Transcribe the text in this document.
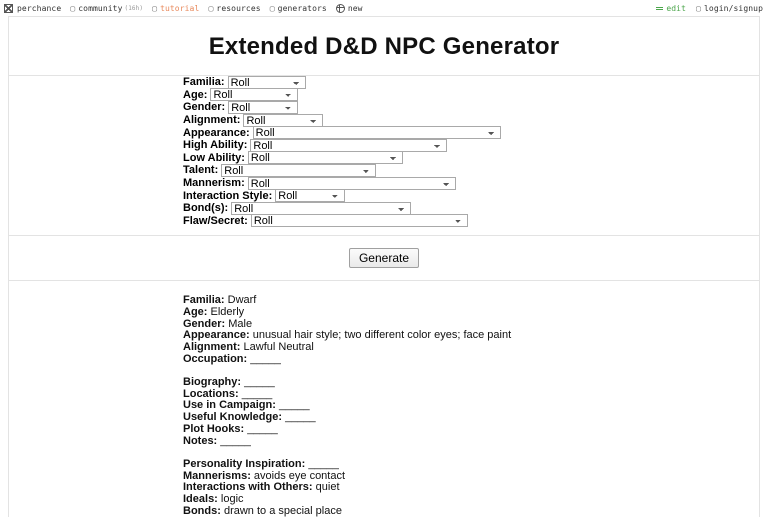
perchance ▢ community (16h) ▢ tutorial ▢ resources ▢ generators	new	edit ▢ login/signup
Extended D&D NPC Generator
Familia:
Roll
Age:
Roll
Gender:
Roll
Alignment:
Roll
Appearance:
Roll
High Ability:
Roll
Low Ability:
Roll
Talent:
Roll
Mannerism:
Roll
Interaction Style:
Roll
Bond(s):
Roll
Flaw/Secret:
Roll
Generate
Familia: Dwarf
Age: Elderly
Gender: Male
Appearance: unusual hair style; two different color eyes; face paint
Alignment: Lawful Neutral
Occupation: _____
Biography: _____
Locations: _____
Use in Campaign: _____
Useful Knowledge: _____
Plot Hooks: _____
Notes: _____
Personality Inspiration: _____
Mannerisms: avoids eye contact
Interactions with Others: quiet
Ideals: logic
Bonds: drawn to a special place
